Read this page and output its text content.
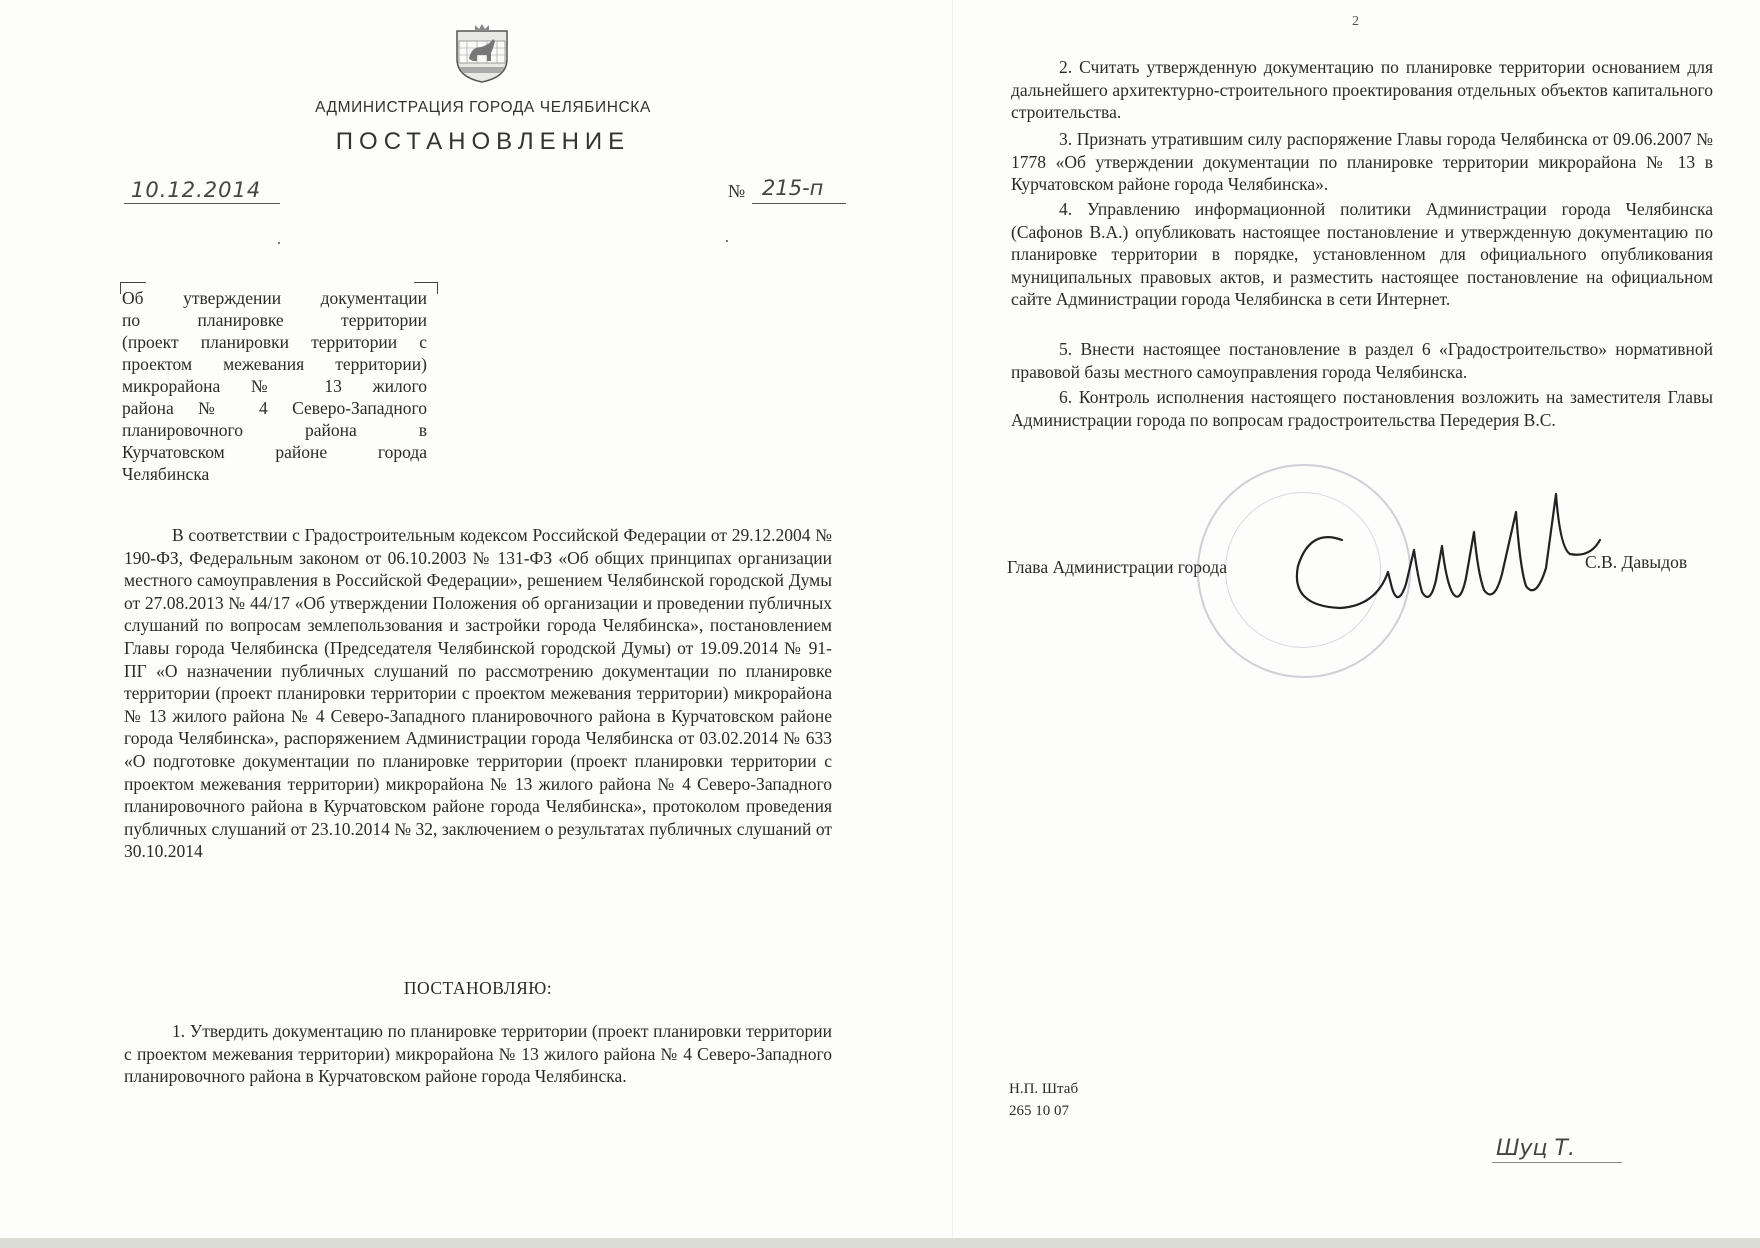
АДМИНИСТРАЦИЯ ГОРОДА ЧЕЛЯБИНСКА
ПОСТАНОВЛЕНИЕ
10.12.2014	№ 215-п
Об утверждении документации
по планировке территории
(проект планировки территории с
проектом межевания территории)
микрорайона № 13 жилого
района № 4 Северо-Западного
планировочного района в
Курчатовском районе города
Челябинска
В соответствии с Градостроительным кодексом Российской Федерации от 29.12.2004 № 190-ФЗ, Федеральным законом от 06.10.2003 № 131-ФЗ «Об общих принципах организации местного самоуправления в Российской Федерации», решением Челябинской городской Думы от 27.08.2013 № 44/17 «Об утверждении Положения об организации и проведении публичных слушаний по вопросам землепользования и застройки города Челябинска», постановлением Главы города Челябинска (Председателя Челябинской городской Думы) от 19.09.2014 № 91-ПГ «О назначении публичных слушаний по рассмотрению документации по планировке территории (проект планировки территории с проектом межевания территории) микрорайона № 13 жилого района № 4 Северо-Западного планировочного района в Курчатовском районе города Челябинска», распоряжением Администрации города Челябинска от 03.02.2014 № 633 «О подготовке документации по планировке территории (проект планировки территории с проектом межевания территории) микрорайона № 13 жилого района № 4 Северо-Западного планировочного района в Курчатовском районе города Челябинска», протоколом проведения публичных слушаний от 23.10.2014 № 32, заключением о результатах публичных слушаний от 30.10.2014
ПОСТАНОВЛЯЮ:
1. Утвердить документацию по планировке территории (проект планировки территории с проектом межевания территории) микрорайона № 13 жилого района № 4 Северо-Западного планировочного района в Курчатовском районе города Челябинска.
2
2. Считать утвержденную документацию по планировке территории основанием для дальнейшего архитектурно-строительного проектирования отдельных объектов капитального строительства.
3. Признать утратившим силу распоряжение Главы города Челябинска от 09.06.2007 № 1778 «Об утверждении документации по планировке территории микрорайона № 13 в Курчатовском районе города Челябинска».
4. Управлению информационной политики Администрации города Челябинска (Сафонов В.А.) опубликовать настоящее постановление и утвержденную документацию по планировке территории в порядке, установленном для официального опубликования муниципальных правовых актов, и разместить настоящее постановление на официальном сайте Администрации города Челябинска в сети Интернет.
5. Внести настоящее постановление в раздел 6 «Градостроительство» нормативной правовой базы местного самоуправления города Челябинска.
6. Контроль исполнения настоящего постановления возложить на заместителя Главы Администрации города по вопросам градостроительства Передерия В.С.
Глава Администрации города	С.В. Давыдов
Н.П. Штаб
265 10 07
Шуц Т.
